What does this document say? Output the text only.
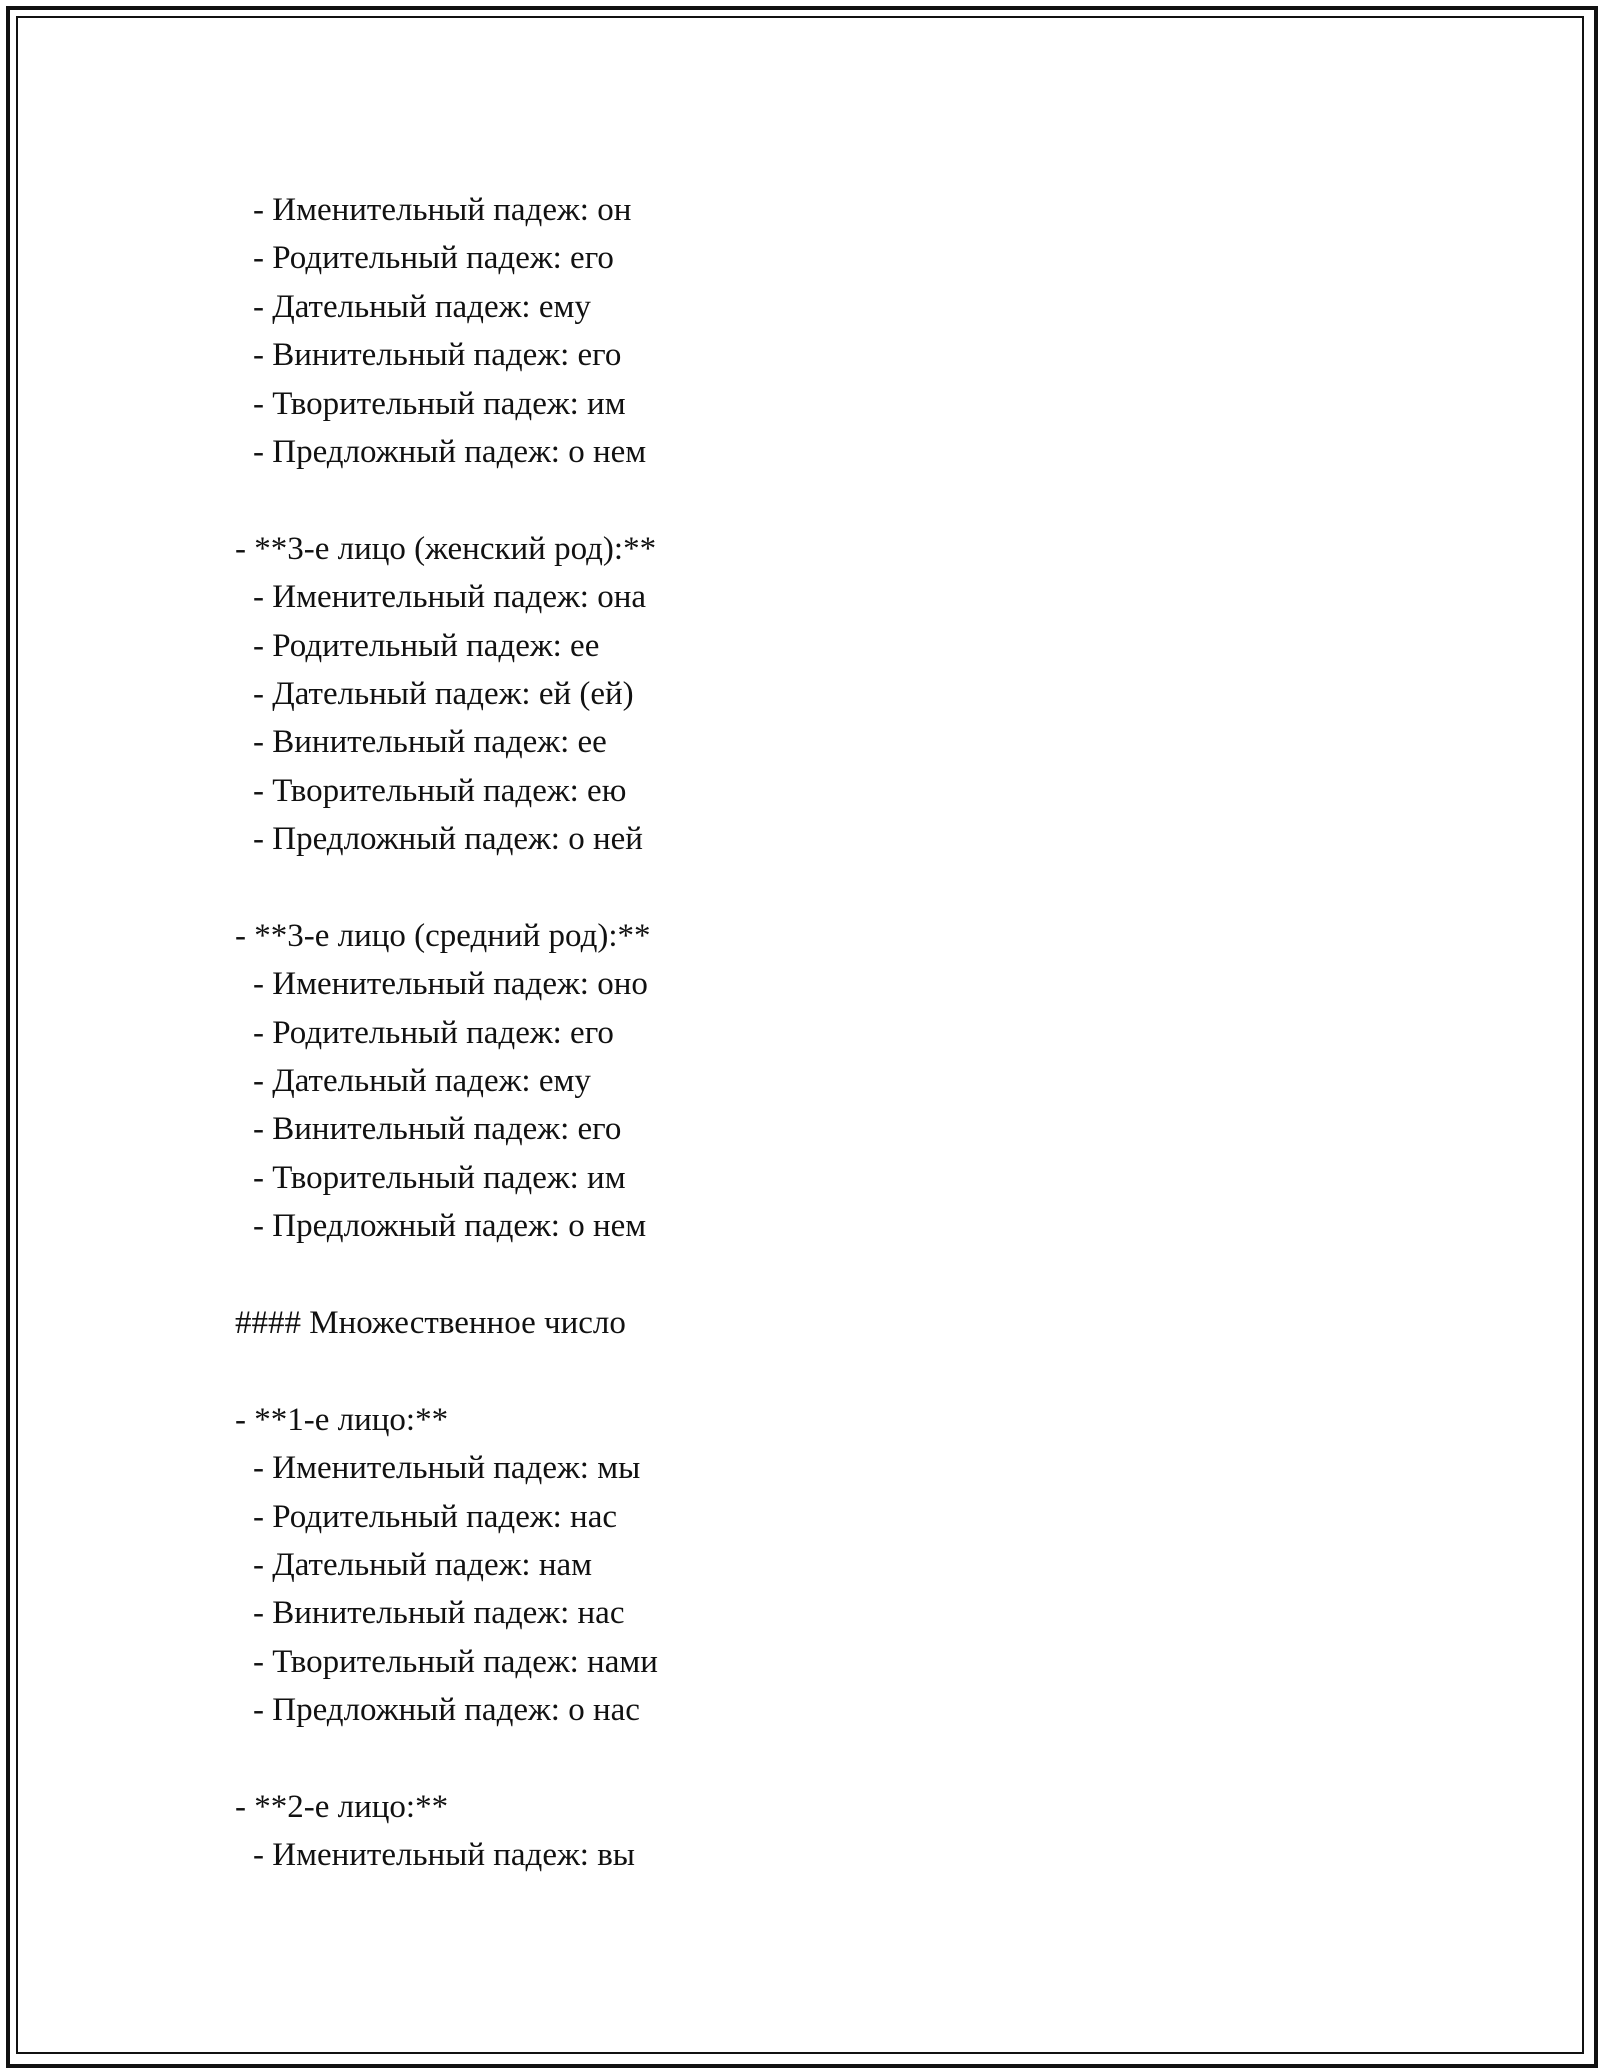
- Именительный падеж: он
- Родительный падеж: его
- Дательный падеж: ему
- Винительный падеж: его
- Творительный падеж: им
- Предложный падеж: о нем
- **3-е лицо (женский род):**
- Именительный падеж: она
- Родительный падеж: ее
- Дательный падеж: ей (ей)
- Винительный падеж: ее
- Творительный падеж: ею
- Предложный падеж: о ней
- **3-е лицо (средний род):**
- Именительный падеж: оно
- Родительный падеж: его
- Дательный падеж: ему
- Винительный падеж: его
- Творительный падеж: им
- Предложный падеж: о нем
#### Множественное число
- **1-е лицо:**
- Именительный падеж: мы
- Родительный падеж: нас
- Дательный падеж: нам
- Винительный падеж: нас
- Творительный падеж: нами
- Предложный падеж: о нас
- **2-е лицо:**
- Именительный падеж: вы
